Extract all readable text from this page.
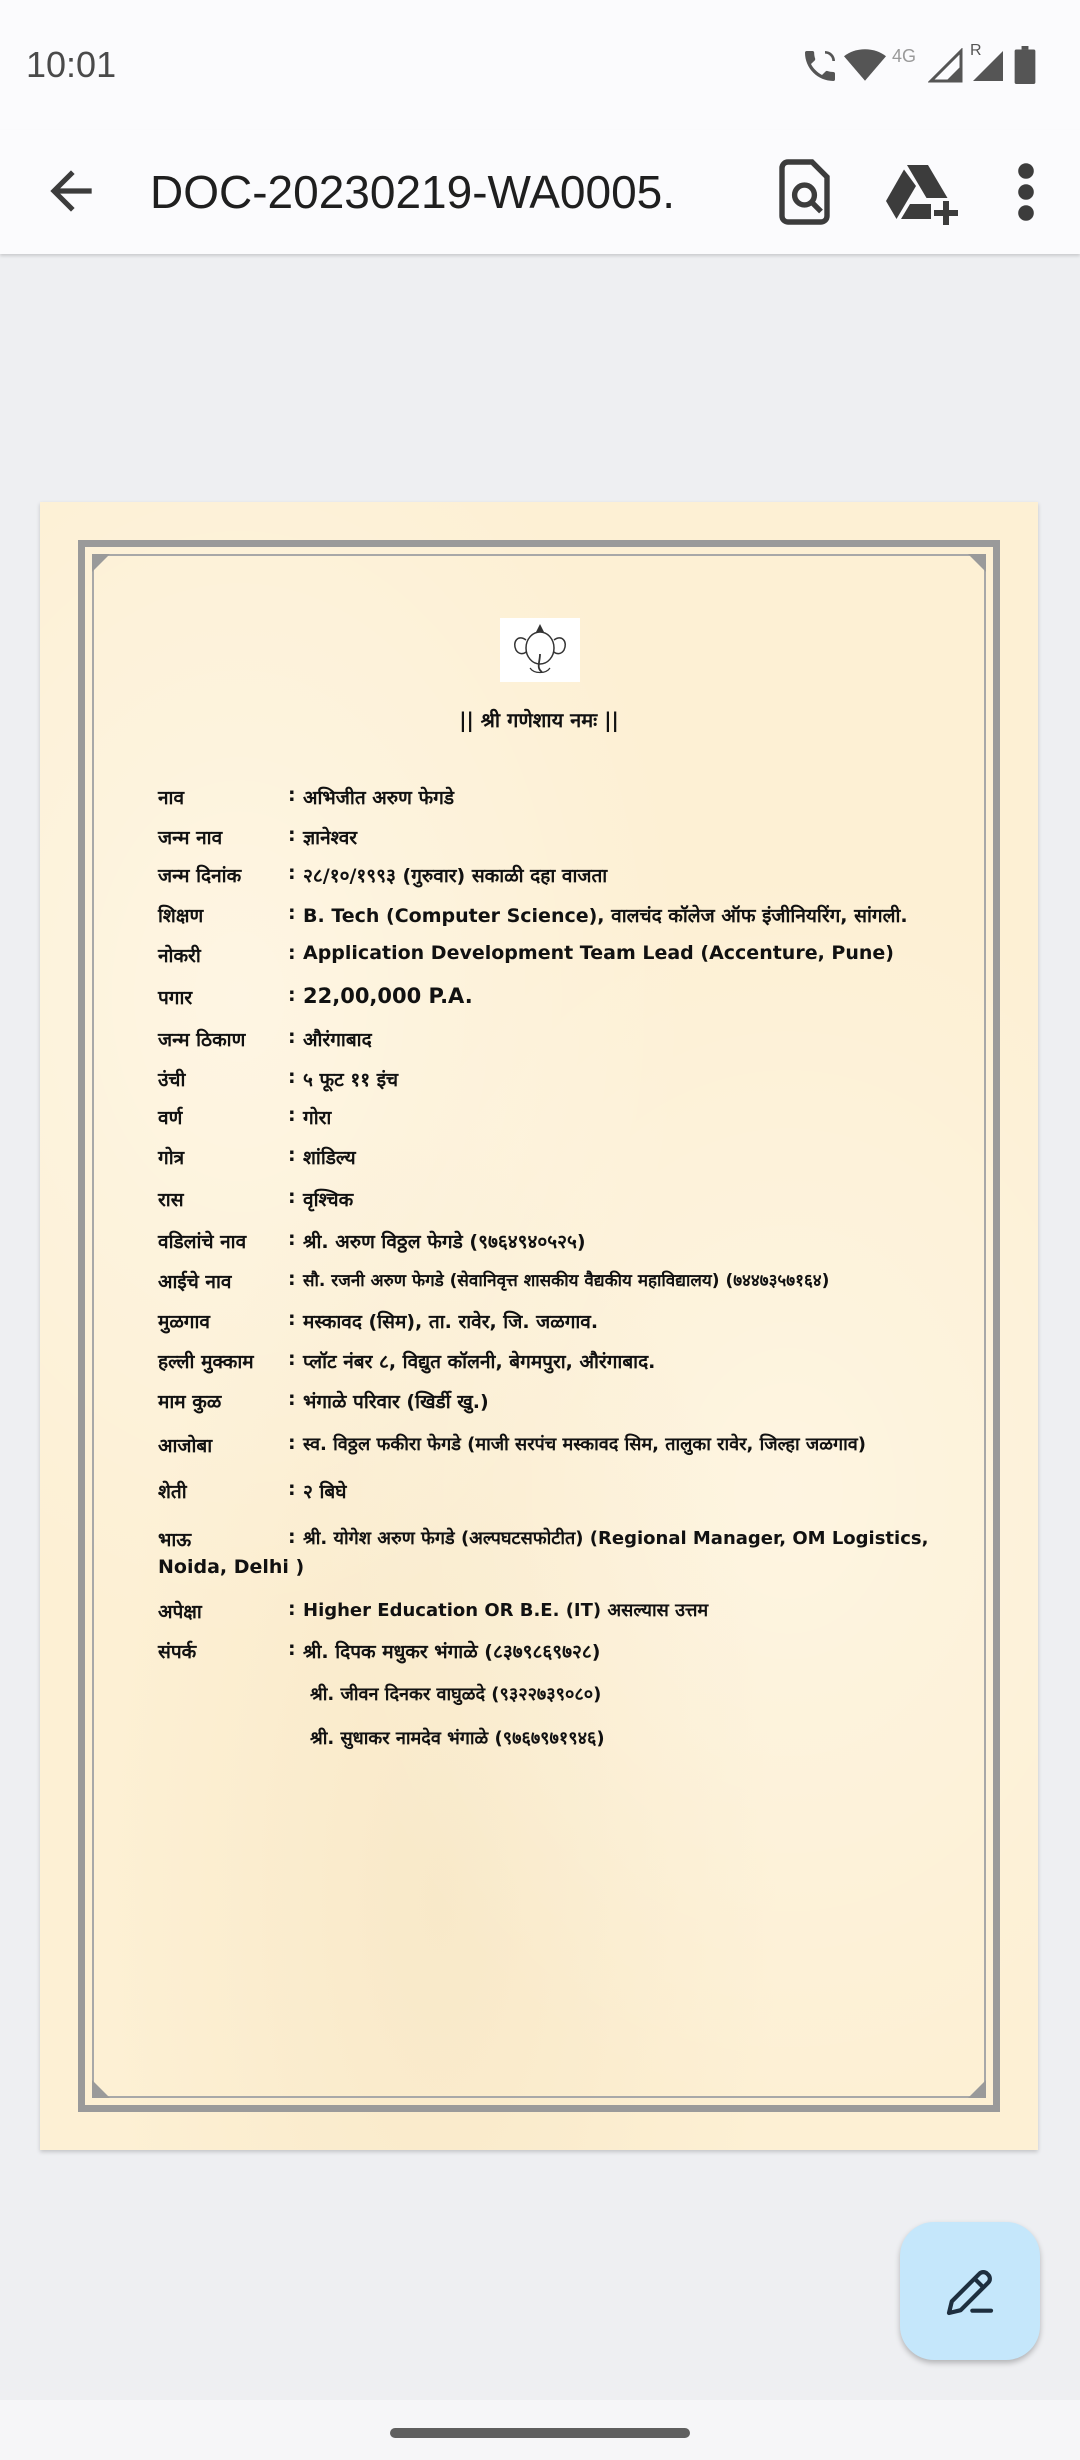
10:01	4G	R
DOC-20230219-WA0005.
|| श्री गणेशाय नमः ||
नाव	: अभिजीत अरुण फेगडे
जन्म नाव	: ज्ञानेश्वर
जन्म दिनांक : २८/१०/१९९३ (गुरुवार) सकाळी दहा वाजता
शिक्षण	: B. Tech (Computer Science), वालचंद कॉलेज ऑफ इंजीनियरिंग, सांगली.
नोकरी	: Application Development Team Lead (Accenture, Pune)
पगार	: 22,00,000 P.A.
जन्म ठिकाण : औरंगाबाद
उंची	: ५ फूट ११ इंच
वर्ण	: गोरा
गोत्र	: शांडिल्य
रास	: वृश्चिक
वडिलांचे नाव : श्री. अरुण विठ्ठल फेगडे (९७६४९४०५२५)
आईचे नाव	: सौ. रजनी अरुण फेगडे (सेवानिवृत्त शासकीय वैद्यकीय महाविद्यालय) (७४४७३५७१६४)
मुळगाव	: मस्कावद (सिम), ता. रावेर, जि. जळगाव.
हल्ली मुक्काम : प्लॉट नंबर ८, विद्युत कॉलनी, बेगमपुरा, औरंगाबाद.
माम कुळ	: भंगाळे परिवार (खिर्डी खु.)
आजोबा	: स्व. विठ्ठल फकीरा फेगडे (माजी सरपंच मस्कावद सिम, तालुका रावेर, जिल्हा जळगाव)
शेती	: २ बिघे
भाऊ	: श्री. योगेश अरुण फेगडे (अल्पघटसफोटीत) (Regional Manager, OM Logistics,
Noida, Delhi )
अपेक्षा	: Higher Education OR B.E. (IT) असल्यास उत्तम
संपर्क	: श्री. दिपक मधुकर भंगाळे (८३७९८६९७२८)
श्री. जीवन दिनकर वाघुळदे (९३२२७३९०८०)
श्री. सुधाकर नामदेव भंगाळे (९७६७९७१९४६)
